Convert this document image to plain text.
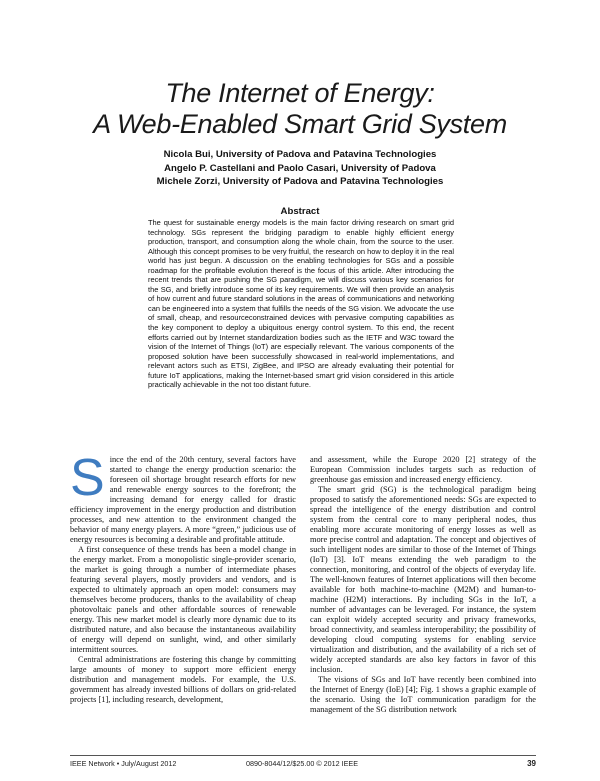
The Internet of Energy:
A Web-Enabled Smart Grid System
Nicola Bui, University of Padova and Patavina Technologies
Angelo P. Castellani and Paolo Casari, University of Padova
Michele Zorzi, University of Padova and Patavina Technologies
Abstract

The quest for sustainable energy models is the main factor driving research on smart grid technology. SGs represent the bridging paradigm to enable highly efficient energy production, transport, and consumption along the whole chain, from the source to the user. Although this concept promises to be very fruitful, the research on how to deploy it in the real world has just begun. A discussion on the enabling technologies for SGs and a possible roadmap for the profitable evolution thereof is the focus of this article. After introducing the recent trends that are pushing the SG paradigm, we will discuss various key scenarios for the SG, and briefly introduce some of its key requirements. We will then provide an analysis of how current and future standard solutions in the areas of communications and networking can be engineered into a system that fulfills the needs of the SG vision. We advocate the use of small, cheap, and resourceconstrained devices with pervasive computing capabilities as the key component to deploy a ubiquitous energy control system. To this end, the recent efforts carried out by Internet standardization bodies such as the IETF and W3C toward the vision of the Internet of Things (IoT) are especially relevant. The various components of the proposed solution have been successfully showcased in real-world implementations, and relevant actors such as ETSI, ZigBee, and IPSO are already evaluating their potential for future IoT applications, making the Internet-based smart grid vision considered in this article practically achievable in the not too distant future.

Since the end of the 20th century, several factors have started to change the energy production scenario: the foreseen oil shortage brought research efforts for new and renewable energy sources to the forefront; the increasing demand for energy called for drastic efficiency improvement in the energy production and distribution processes, and new attention to the environment changed the behavior of many energy players. A more “green,” judicious use of energy resources is becoming a desirable and profitable attitude.

A first consequence of these trends has been a model change in the energy market. From a monopolistic single-provider scenario, the market is going through a number of intermediate phases featuring several players, mostly providers and vendors, and is expected to ultimately approach an open model: consumers may themselves become producers, thanks to the availability of cheap photovoltaic panels and other affordable sources of renewable energy. This new market model is clearly more dynamic due to its distributed nature, and also because the instantaneous availability of energy will depend on sunlight, wind, and other similarly intermittent sources.

Central administrations are fostering this change by committing large amounts of money to support more efficient energy distribution and management models. For example, the U.S. government has already invested billions of dollars on grid-related projects [1], including research, development,

and assessment, while the Europe 2020 [2] strategy of the European Commission includes targets such as reduction of greenhouse gas emission and increased energy efficiency.

The smart grid (SG) is the technological paradigm being proposed to satisfy the aforementioned needs: SGs are expected to spread the intelligence of the energy distribution and control system from the central core to many peripheral nodes, thus enabling more accurate monitoring of energy losses as well as more precise control and adaptation. The concept and objectives of such intelligent nodes are similar to those of the Internet of Things (IoT) [3]. IoT means extending the web paradigm to the connection, monitoring, and control of the objects of everyday life. The well-known features of Internet applications will then become available for both machine-to-machine (M2M) and human-to-machine (H2M) interactions. By including SGs in the IoT, a number of advantages can be leveraged. For instance, the system can exploit widely accepted security and privacy frameworks, broad connectivity, and seamless interoperability; the possibility of developing cloud computing systems for enabling service virtualization and distribution, and the availability of a rich set of widely accepted standards are also key factors in favor of this inclusion.

The visions of SGs and IoT have recently been combined into the Internet of Energy (IoE) [4]; Fig. 1 shows a graphic example of the scenario. Using the IoT communication paradigm for the management of the SG distribution network

IEEE Network • July/August 2012	0890-8044/12/$25.00 © 2012 IEEE	39
